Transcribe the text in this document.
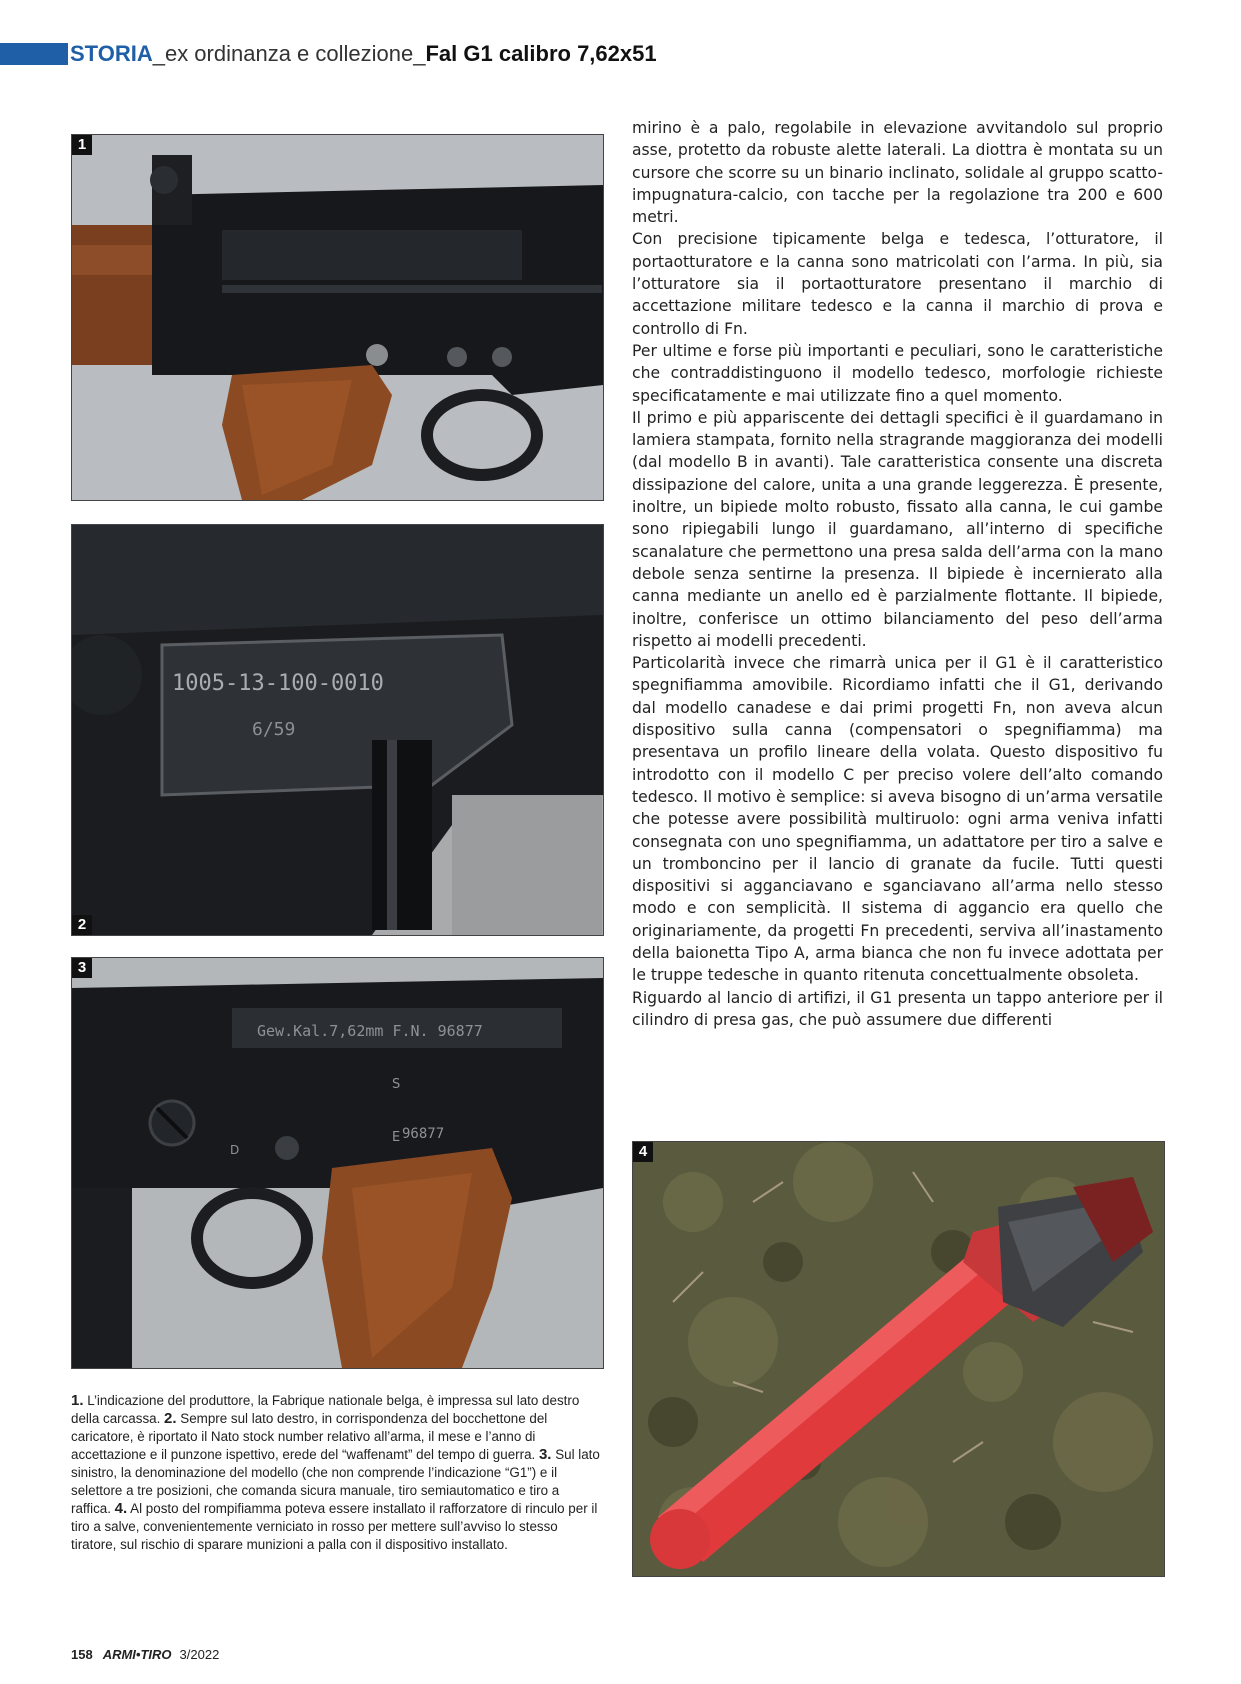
STORIA_ex ordinanza e collezione_Fal G1 calibro 7,62x51
1
1005-13-100-0010
6/59
2
Gew.Kal.7,62mm F.N. 96877
96877
S
E
D
3
4
1. L’indicazione del produttore, la Fabrique nationale belga, è impressa sul lato destro della carcassa. 2. Sempre sul lato destro, in corrispondenza del bocchettone del caricatore, è riportato il Nato stock number relativo all’arma, il mese e l’anno di accettazione e il punzone ispettivo, erede del “waffenamt” del tempo di guerra. 3. Sul lato sinistro, la denominazione del modello (che non comprende l’indicazione “G1”) e il selettore a tre posizioni, che comanda sicura manuale, tiro semiautomatico e tiro a raffica. 4. Al posto del rompifiamma poteva essere installato il rafforzatore di rinculo per il tiro a salve, convenientemente verniciato in rosso per mettere sull’avviso lo stesso tiratore, sul rischio di sparare munizioni a palla con il dispositivo installato.

mirino è a palo, regolabile in elevazione avvitandolo sul proprio asse, protetto da robuste alette laterali. La diottra è montata su un cursore che scorre su un binario inclinato, solidale al gruppo scatto-impugnatura-calcio, con tacche per la regolazione tra 200 e 600 metri.

Con precisione tipicamente belga e tedesca, l’otturatore, il portaotturatore e la canna sono matricolati con l’arma. In più, sia l’otturatore sia il portaotturatore presentano il marchio di accettazione militare tedesco e la canna il marchio di prova e controllo di Fn.

Per ultime e forse più importanti e peculiari, sono le caratteristiche che contraddistinguono il modello tedesco, morfologie richieste specificatamente e mai utilizzate fino a quel momento.

Il primo e più appariscente dei dettagli specifici è il guardamano in lamiera stampata, fornito nella stragrande maggioranza dei modelli (dal modello B in avanti). Tale caratteristica consente una discreta dissipazione del calore, unita a una grande leggerezza. È presente, inoltre, un bipiede molto robusto, fissato alla canna, le cui gambe sono ripiegabili lungo il guardamano, all’interno di specifiche scanalature che permettono una presa salda dell’arma con la mano debole senza sentirne la presenza. Il bipiede è incernierato alla canna mediante un anello ed è parzialmente flottante. Il bipiede, inoltre, conferisce un ottimo bilanciamento del peso dell’arma rispetto ai modelli precedenti.

Particolarità invece che rimarrà unica per il G1 è il caratteristico spegnifiamma amovibile. Ricordiamo infatti che il G1, derivando dal modello canadese e dai primi progetti Fn, non aveva alcun dispositivo sulla canna (compensatori o spegnifiamma) ma presentava un profilo lineare della volata. Questo dispositivo fu introdotto con il modello C per preciso volere dell’alto comando tedesco. Il motivo è semplice: si aveva bisogno di un’arma versatile che potesse avere possibilità multiruolo: ogni arma veniva infatti consegnata con uno spegnifiamma, un adattatore per tiro a salve e un tromboncino per il lancio di granate da fucile. Tutti questi dispositivi si agganciavano e sganciavano all’arma nello stesso modo e con semplicità. Il sistema di aggancio era quello che originariamente, da progetti Fn precedenti, serviva all’inastamento della baionetta Tipo A, arma bianca che non fu invece adottata per le truppe tedesche in quanto ritenuta concettualmente obsoleta.

Riguardo al lancio di artifizi, il G1 presenta un tappo anteriore per il cilindro di presa gas, che può assumere due differenti

158 ARMI•TIRO 3/2022
